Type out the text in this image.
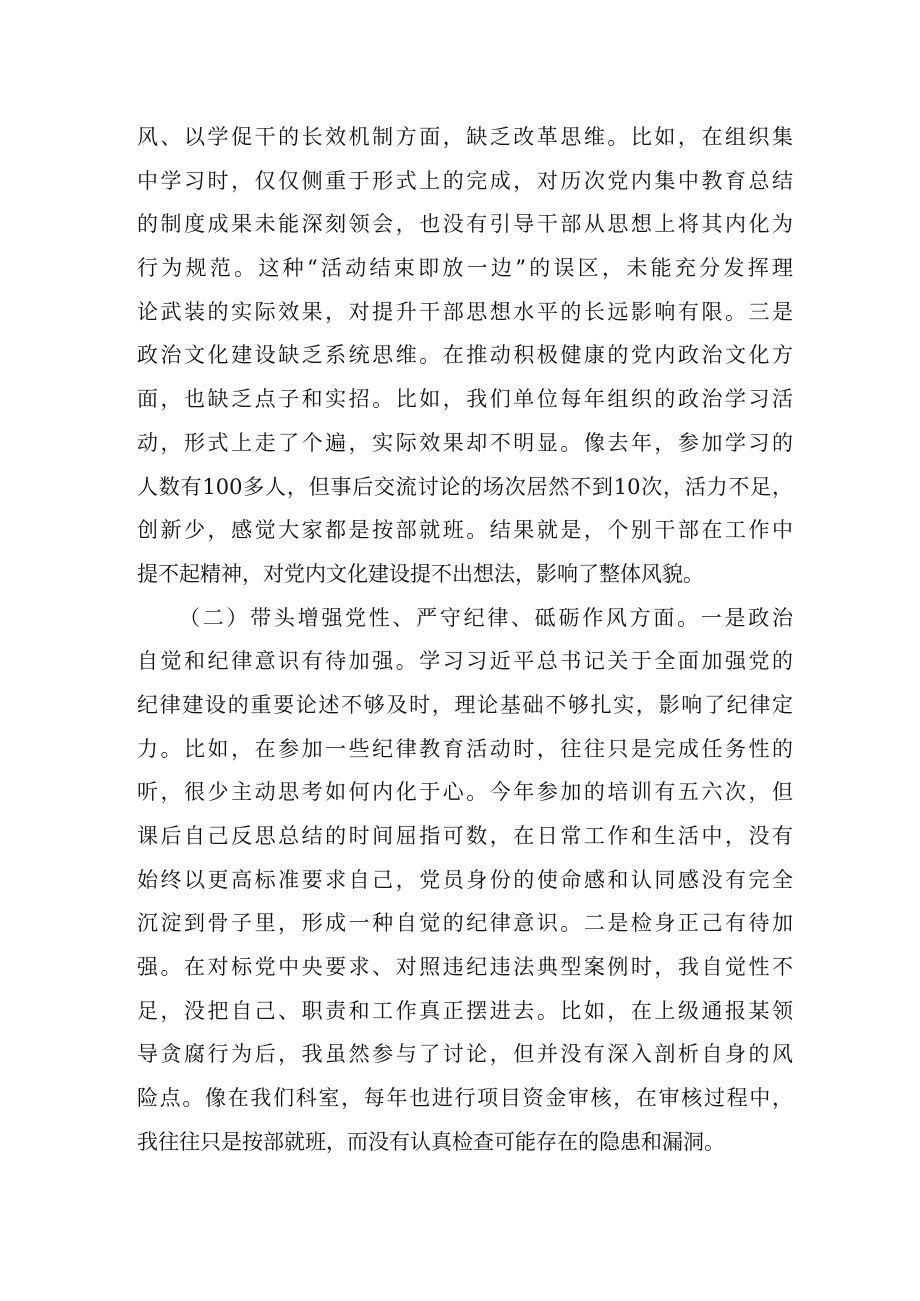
风、以学促干的长效机制方面，缺乏改革思维。比如，在组织集
中学习时，仅仅侧重于形式上的完成，对历次党内集中教育总结
的制度成果未能深刻领会，也没有引导干部从思想上将其内化为
行为规范。这种“活动结束即放一边”的误区，未能充分发挥理
论武装的实际效果，对提升干部思想水平的长远影响有限。三是
政治文化建设缺乏系统思维。在推动积极健康的党内政治文化方
面，也缺乏点子和实招。比如，我们单位每年组织的政治学习活
动，形式上走了个遍，实际效果却不明显。像去年，参加学习的
人数有100多人，但事后交流讨论的场次居然不到10次，活力不足，
创新少，感觉大家都是按部就班。结果就是，个别干部在工作中
提不起精神，对党内文化建设提不出想法，影响了整体风貌。
（二）带头增强党性、严守纪律、砥砺作风方面。一是政治
自觉和纪律意识有待加强。学习习近平总书记关于全面加强党的
纪律建设的重要论述不够及时，理论基础不够扎实，影响了纪律定
力。比如，在参加一些纪律教育活动时，往往只是完成任务性的
听，很少主动思考如何内化于心。今年参加的培训有五六次，但
课后自己反思总结的时间屈指可数，在日常工作和生活中，没有
始终以更高标准要求自己，党员身份的使命感和认同感没有完全
沉淀到骨子里，形成一种自觉的纪律意识。二是检身正己有待加
强。在对标党中央要求、对照违纪违法典型案例时，我自觉性不
足，没把自己、职责和工作真正摆进去。比如，在上级通报某领
导贪腐行为后，我虽然参与了讨论，但并没有深入剖析自身的风
险点。像在我们科室，每年也进行项目资金审核，在审核过程中，
我往往只是按部就班，而没有认真检查可能存在的隐患和漏洞。
